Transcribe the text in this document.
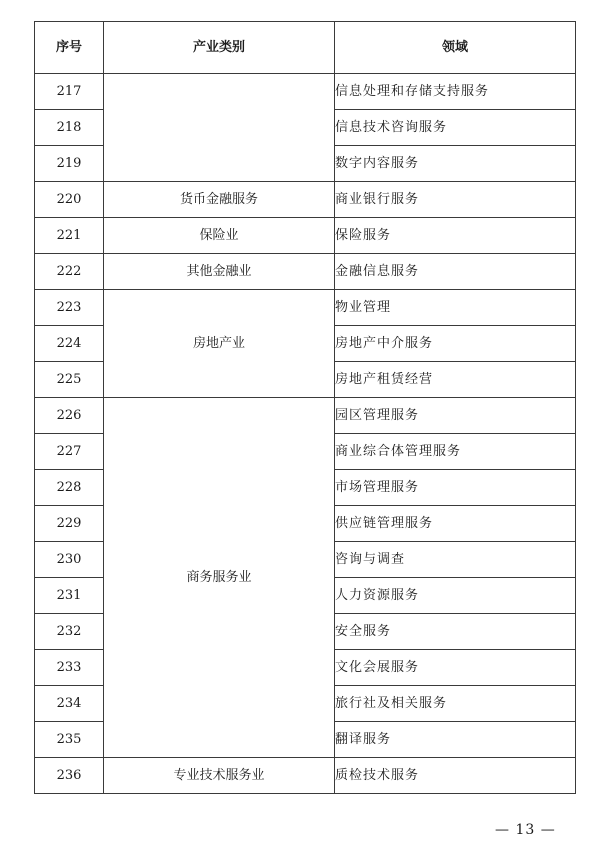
序号	产业类别	领域
217		信息处理和存储支持服务
218		信息技术咨询服务
219		数字内容服务
220	货币金融服务	商业银行服务
221	保险业	保险服务
222	其他金融业	金融信息服务
223	房地产业	物业管理
224		房地产中介服务
225		房地产租赁经营
226	商务服务业	园区管理服务
227		商业综合体管理服务
228		市场管理服务
229		供应链管理服务
230		咨询与调查
231		人力资源服务
232		安全服务
233		文化会展服务
234		旅行社及相关服务
235		翻译服务
236	专业技术服务业	质检技术服务
— 13 —
